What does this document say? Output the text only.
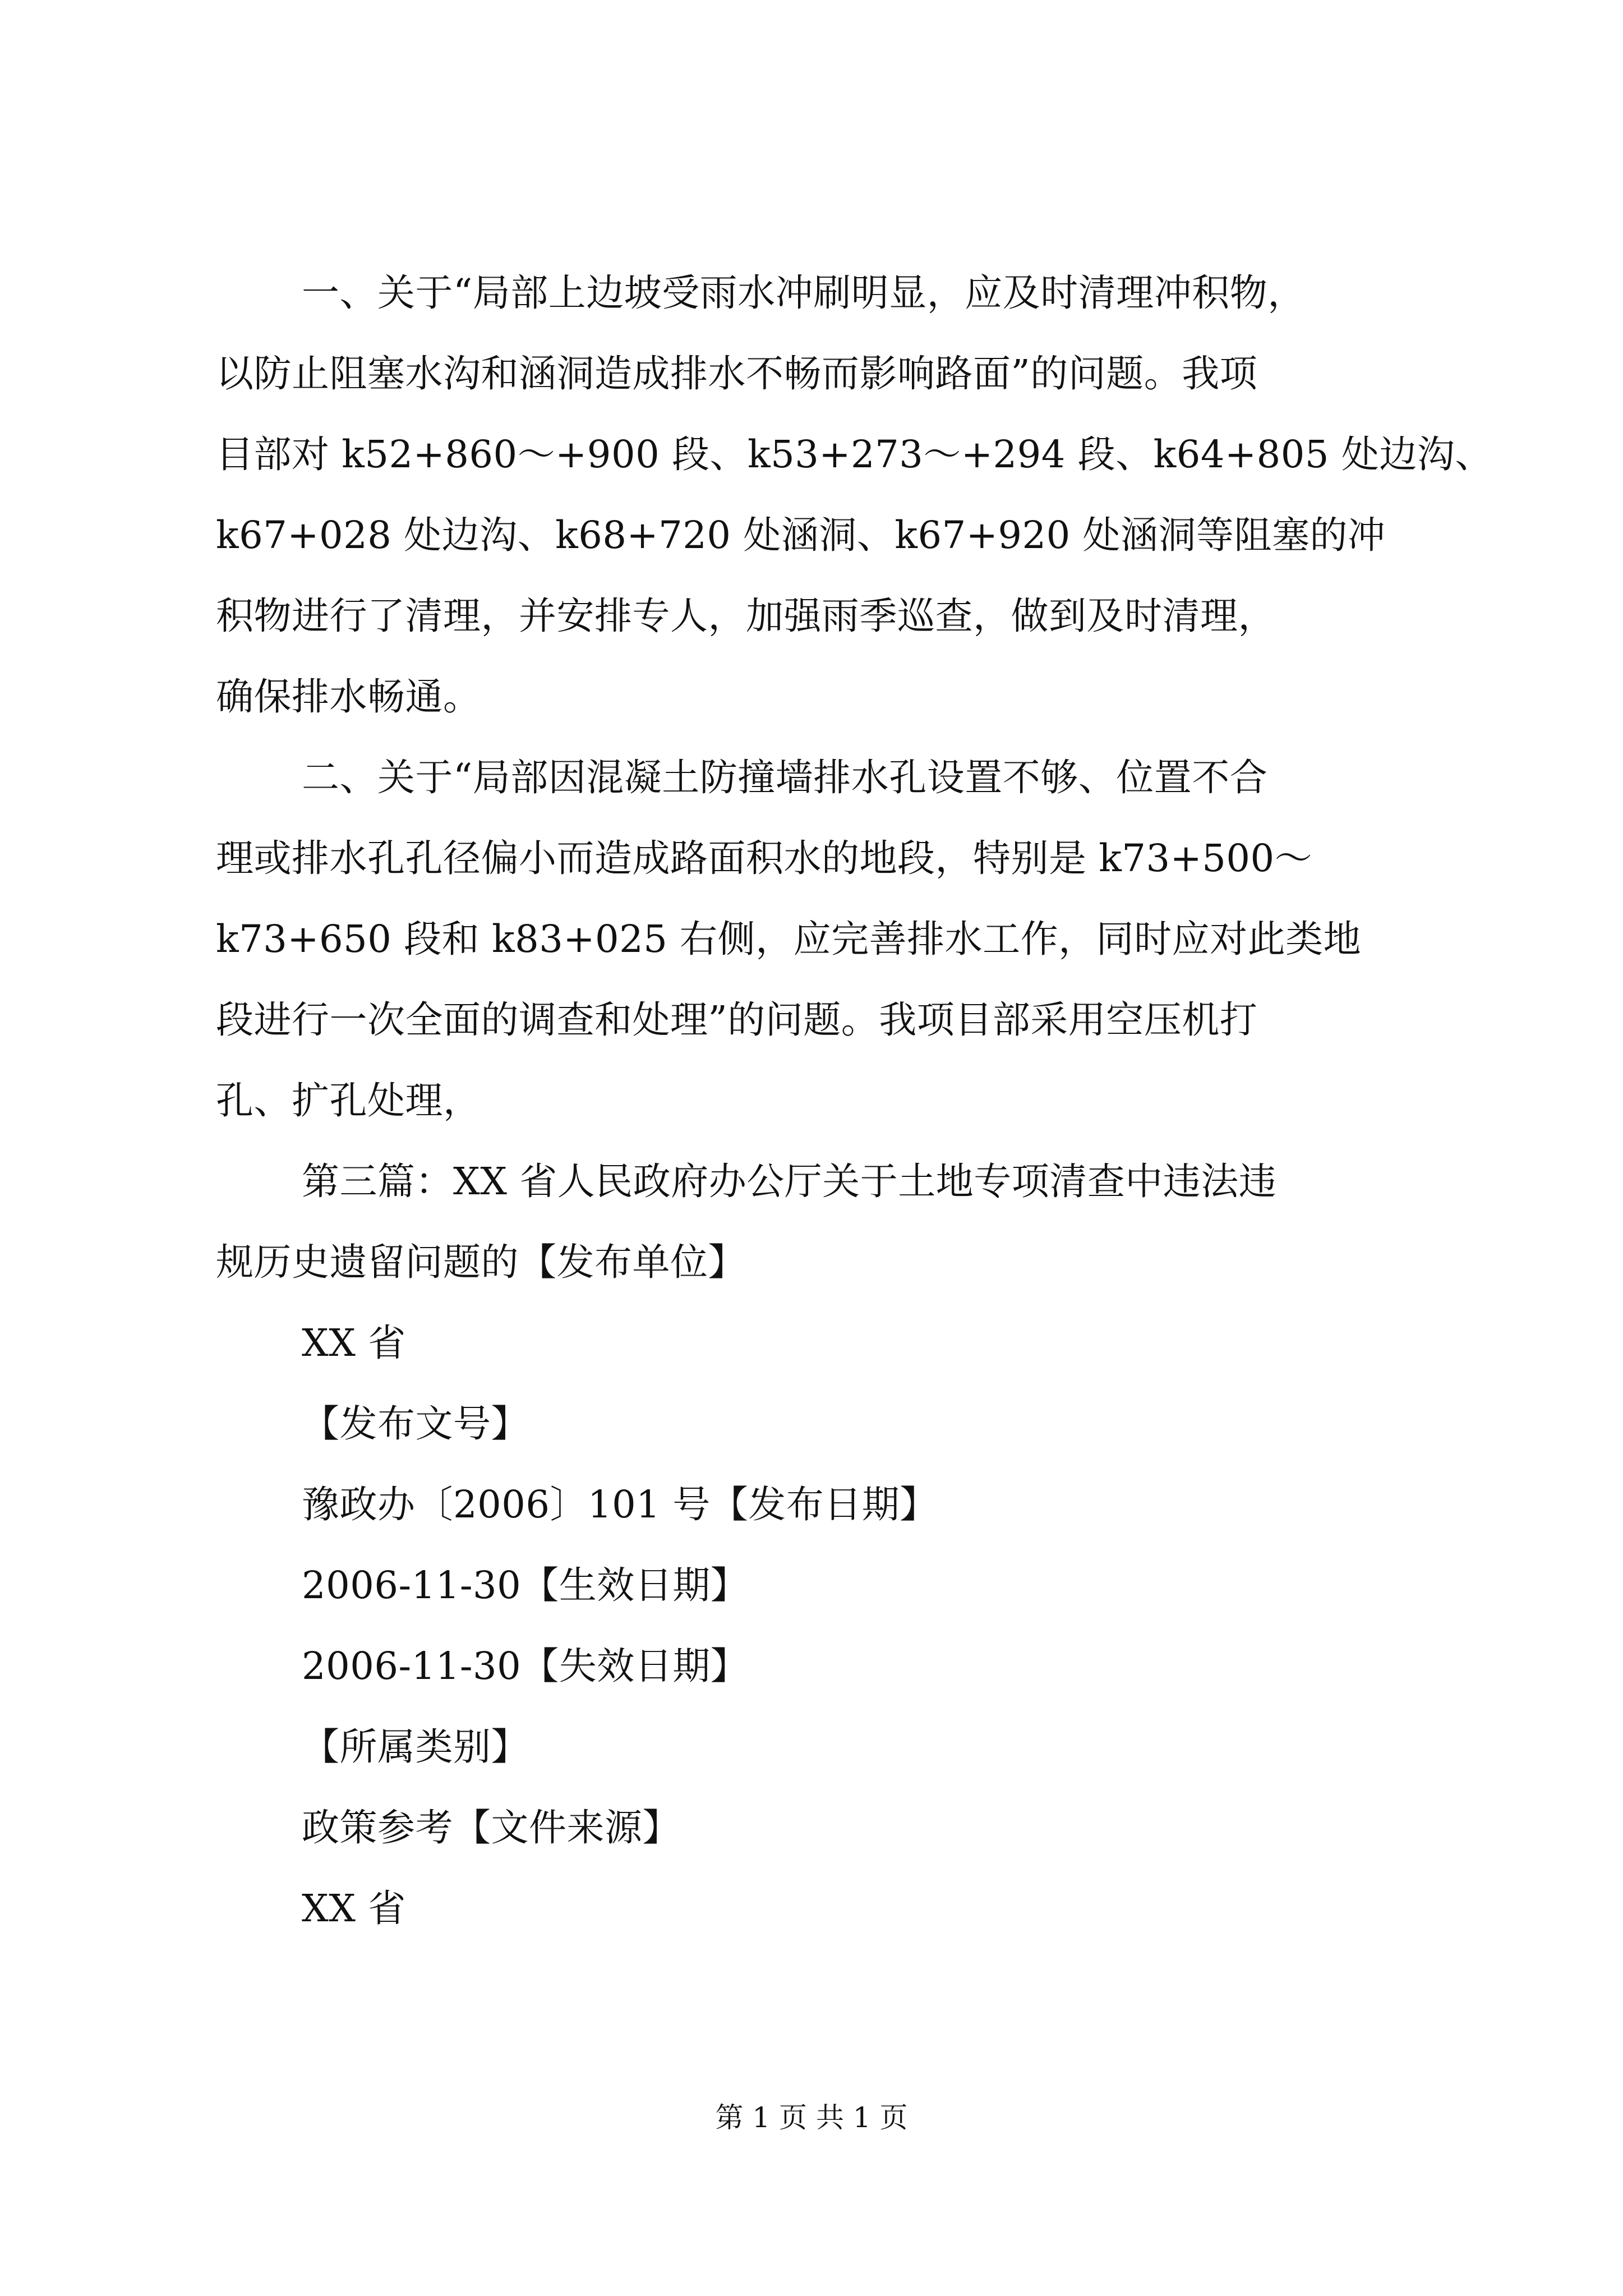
一、关于“局部上边坡受雨水冲刷明显，应及时清理冲积物，
以防止阻塞水沟和涵洞造成排水不畅而影响路面”的问题。我项
目部对 k52+860～+900 段、k53+273～+294 段、k64+805 处边沟、
k67+028 处边沟、k68+720 处涵洞、k67+920 处涵洞等阻塞的冲
积物进行了清理，并安排专人，加强雨季巡查，做到及时清理，
确保排水畅通。
二、关于“局部因混凝土防撞墙排水孔设置不够、位置不合
理或排水孔孔径偏小而造成路面积水的地段，特别是 k73+500～
k73+650 段和 k83+025 右侧，应完善排水工作，同时应对此类地
段进行一次全面的调查和处理”的问题。我项目部采用空压机打
孔、扩孔处理，
第三篇：XX 省人民政府办公厅关于土地专项清查中违法违
规历史遗留问题的【发布单位】
XX 省
【发布文号】
豫政办〔2006〕101 号【发布日期】
2006-11-30【生效日期】
2006-11-30【失效日期】
【所属类别】
政策参考【文件来源】
XX 省
第 1 页 共 1 页
